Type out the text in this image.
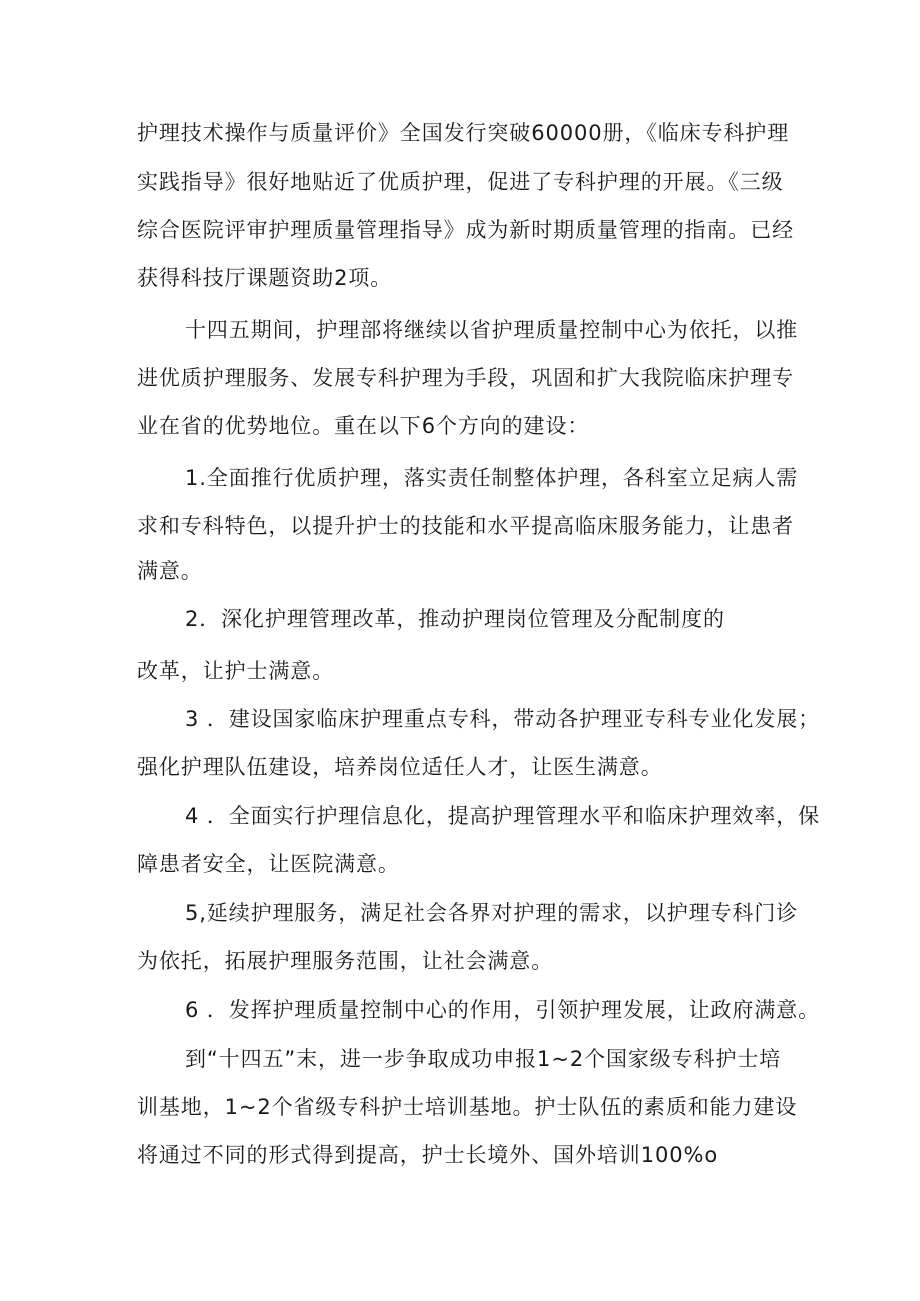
护理技术操作与质量评价》全国发行突破60000册，《临床专科护理
实践指导》很好地贴近了优质护理，促进了专科护理的开展。《三级
综合医院评审护理质量管理指导》成为新时期质量管理的指南。已经
获得科技厅课题资助2项。
十四五期间，护理部将继续以省护理质量控制中心为依托，以推
进优质护理服务、发展专科护理为手段，巩固和扩大我院临床护理专
业在省的优势地位。重在以下6个方向的建设：
1.全面推行优质护理，落实责任制整体护理，各科室立足病人需
求和专科特色，以提升护士的技能和水平提高临床服务能力，让患者
满意。
2．深化护理管理改革，推动护理岗位管理及分配制度的
改革，让护士满意。
3 ．建设国家临床护理重点专科，带动各护理亚专科专业化发展；
强化护理队伍建设，培养岗位适任人才，让医生满意。
4 ．全面实行护理信息化，提高护理管理水平和临床护理效率，保
障患者安全，让医院满意。
5,延续护理服务，满足社会各界对护理的需求，以护理专科门诊
为依托，拓展护理服务范围，让社会满意。
6 ．发挥护理质量控制中心的作用，引领护理发展，让政府满意。
到“十四五”末，进一步争取成功申报1~2个国家级专科护士培
训基地，1~2个省级专科护士培训基地。护士队伍的素质和能力建设
将通过不同的形式得到提高，护士长境外、国外培训100%o
